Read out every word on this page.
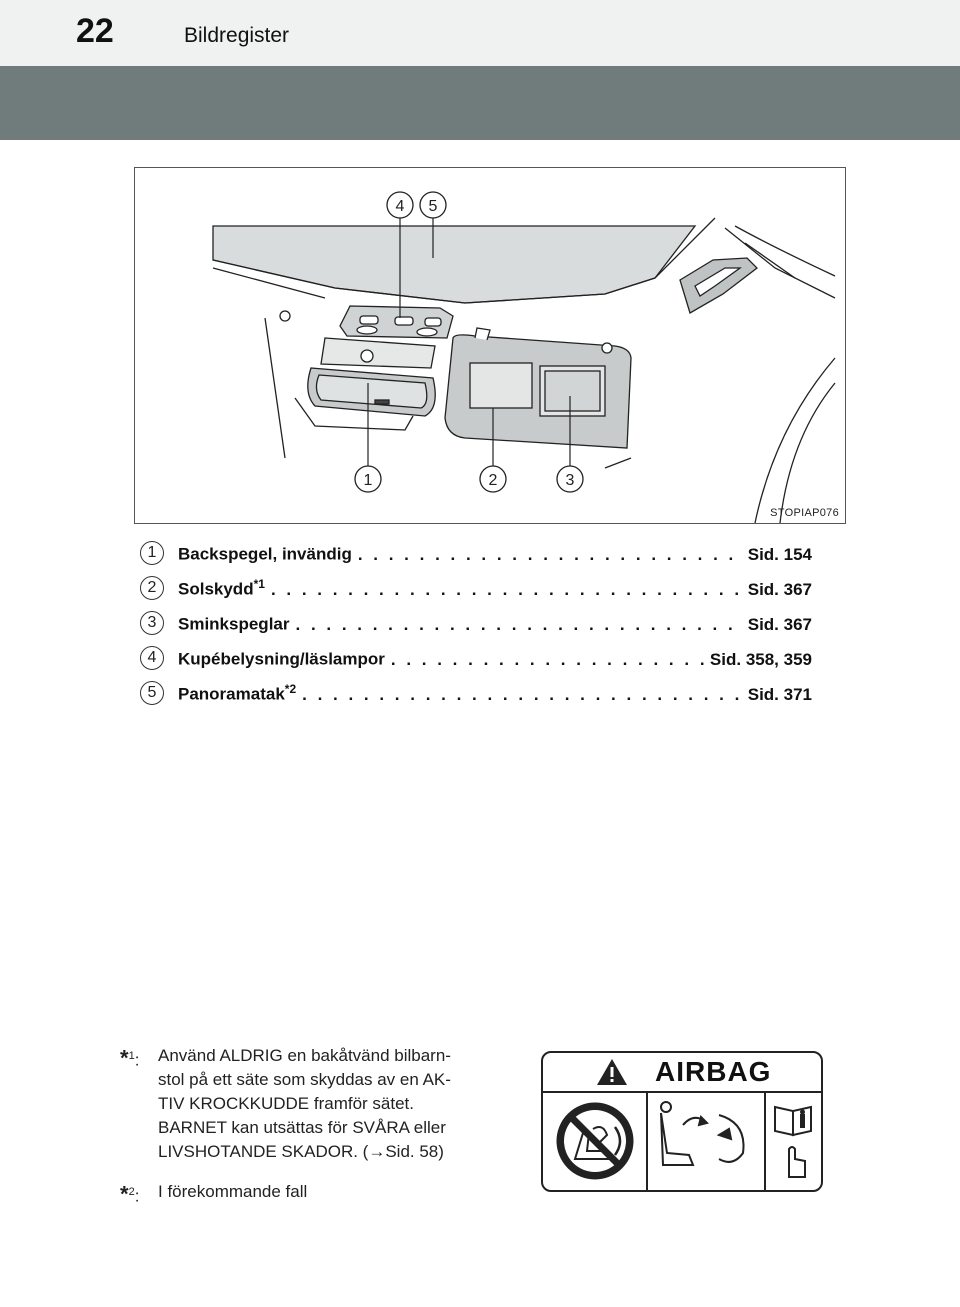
22	Bildregister
4 5
1	2	3
STOPIAP076
1	Backspegel, invändig . . .	Sid. 154
2	Solskydd$^{*1}$ . . .	Sid. 367
3	Sminkspeglar . . .	Sid. 367
4	Kupébelysning/läslampor . . .	Sid. 358, 359
5	Panoramatak$^{*2}$ . . .	Sid. 371
*$^1$:	Använd ALDRIG en bakåtvänd bilbarn-
stol på ett säte som skyddas av en AK-
TIV KROCKKUDDE framför sätet.
BARNET kan utsättas för SVÅRA eller
LIVSHOTANDE SKADOR. (→Sid. 58)
*$^2$:	I förekommande fall
AIRBAG
